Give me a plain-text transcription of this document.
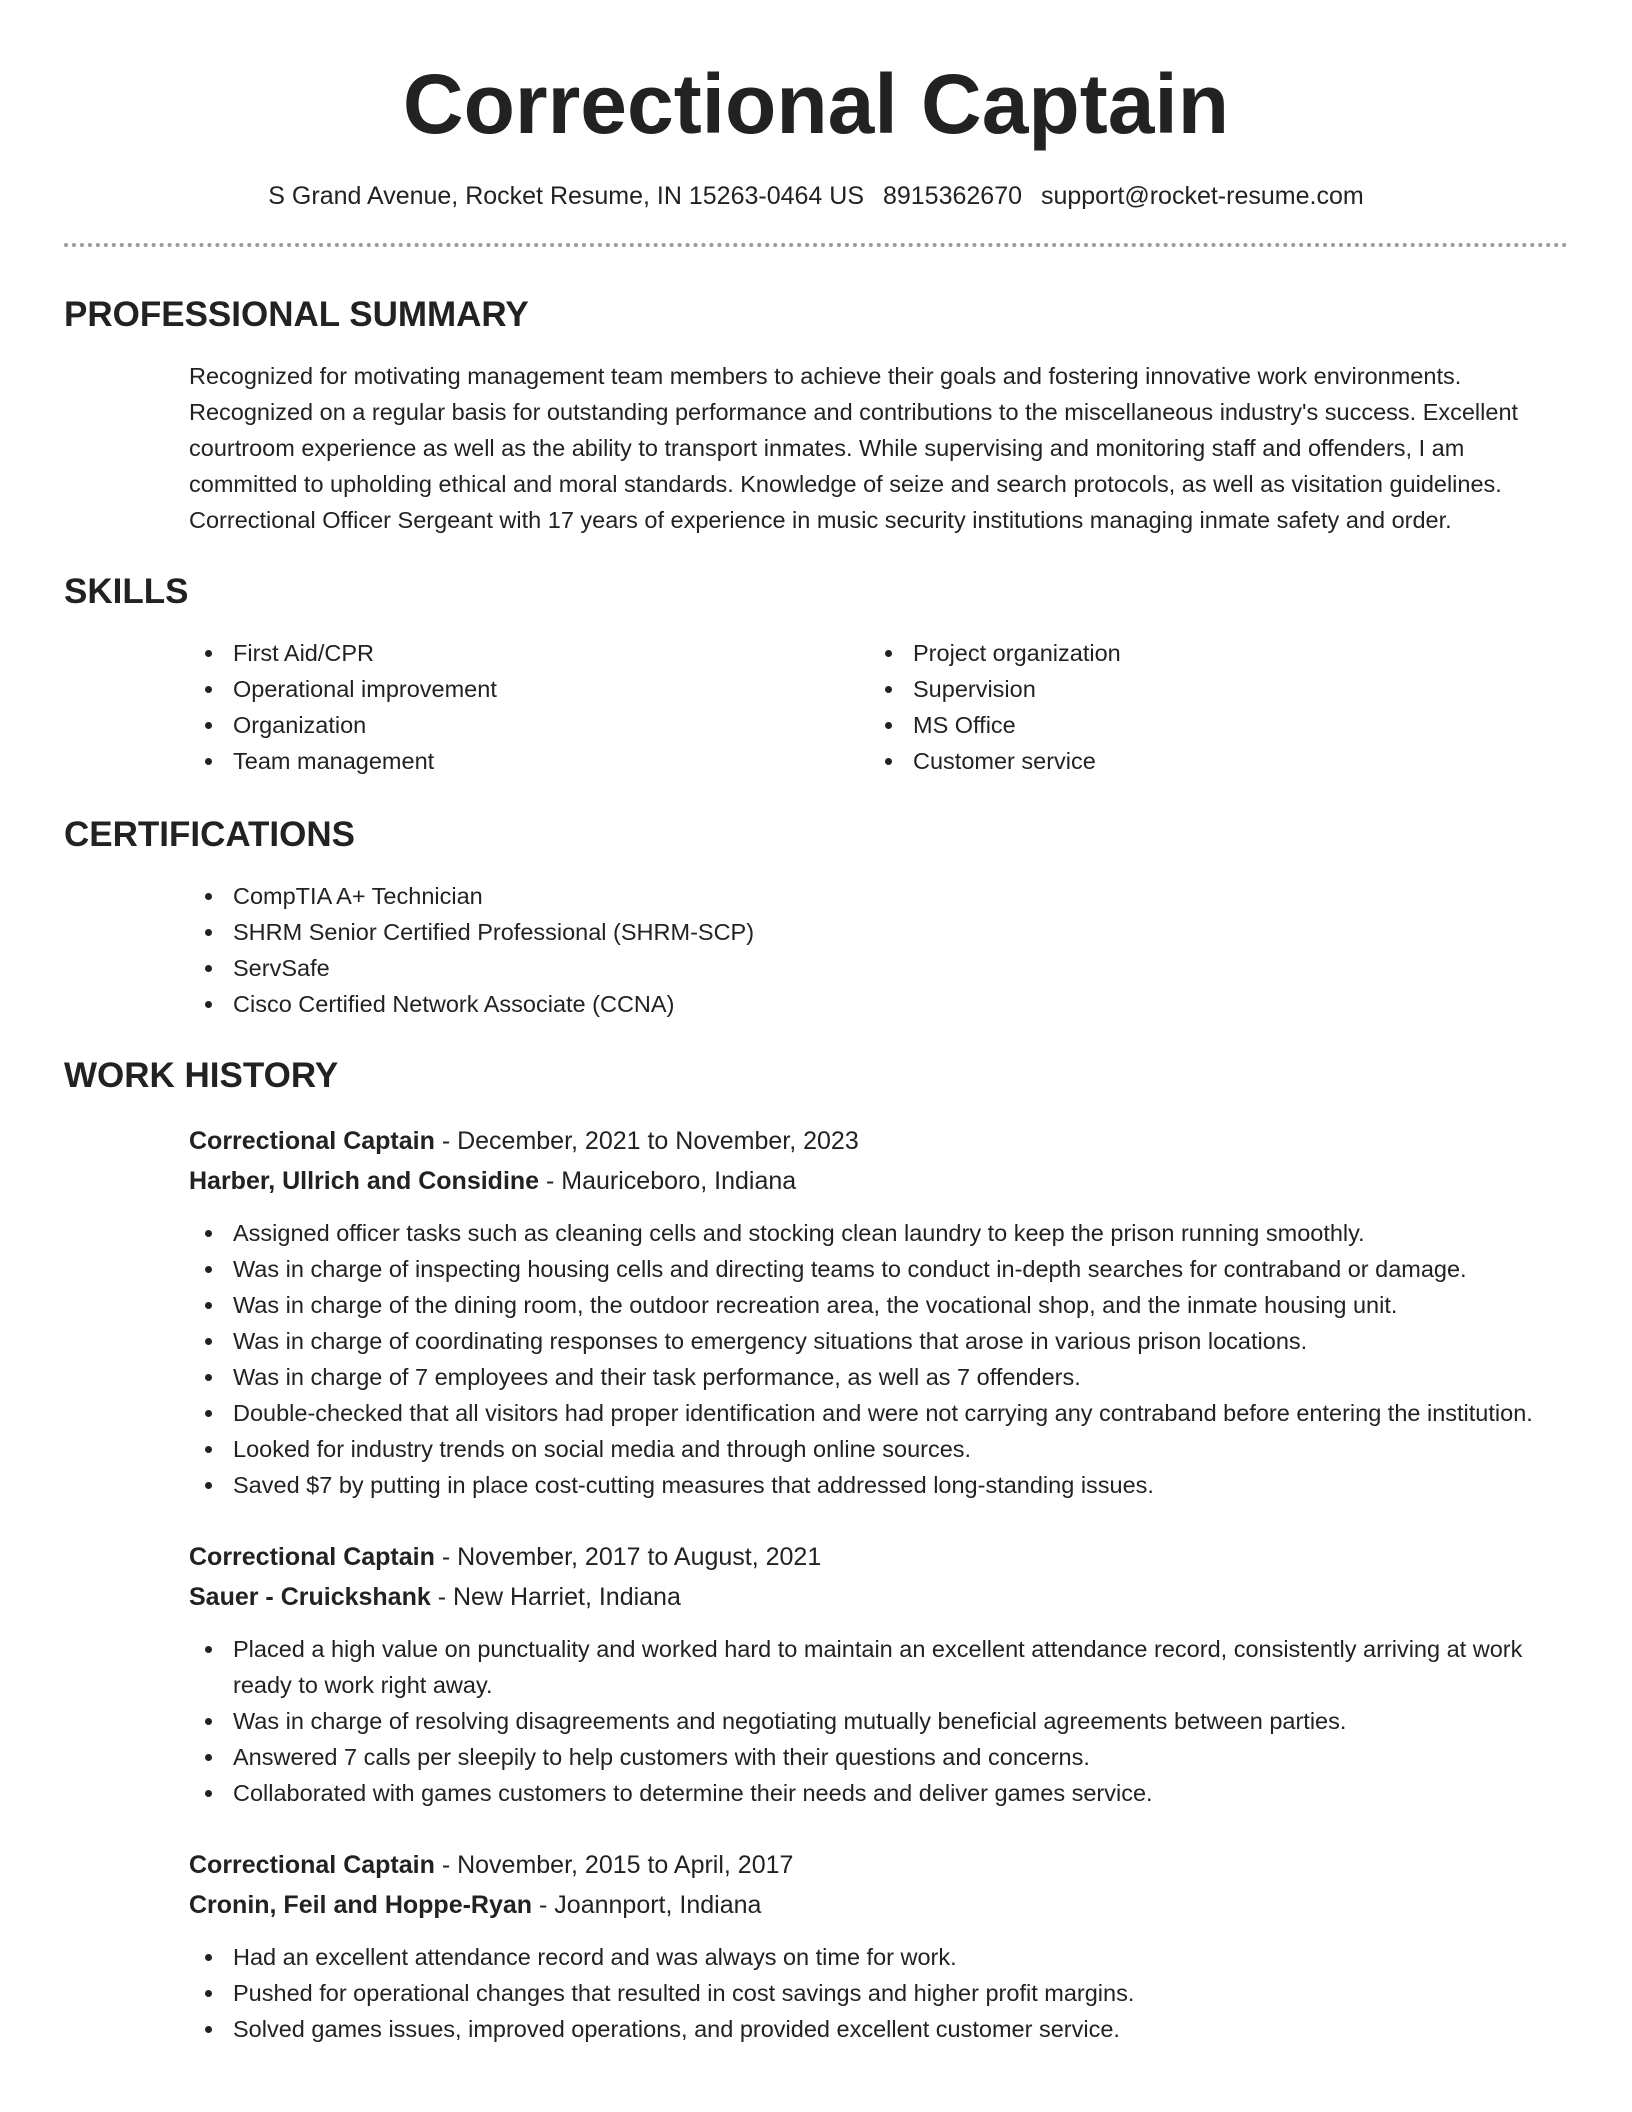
Correctional Captain
S Grand Avenue, Rocket Resume, IN 15263-0464 US 8915362670 support@rocket-resume.com
PROFESSIONAL SUMMARY

Recognized for motivating management team members to achieve their goals and fostering innovative work environments. Recognized on a regular basis for outstanding performance and contributions to the miscellaneous industry's success. Excellent courtroom experience as well as the ability to transport inmates. While supervising and monitoring staff and offenders, I am committed to upholding ethical and moral standards. Knowledge of seize and search protocols, as well as visitation guidelines. Correctional Officer Sergeant with 17 years of experience in music security institutions managing inmate safety and order.

SKILLS
First Aid/CPR
Operational improvement
Organization
Team management
Project organization
Supervision
MS Office
Customer service
CERTIFICATIONS
CompTIA A+ Technician
SHRM Senior Certified Professional (SHRM-SCP)
ServSafe
Cisco Certified Network Associate (CCNA)
WORK HISTORY
Correctional Captain - December, 2021 to November, 2023
Harber, Ullrich and Considine - Mauriceboro, Indiana
Assigned officer tasks such as cleaning cells and stocking clean laundry to keep the prison running smoothly.
Was in charge of inspecting housing cells and directing teams to conduct in-depth searches for contraband or damage.
Was in charge of the dining room, the outdoor recreation area, the vocational shop, and the inmate housing unit.
Was in charge of coordinating responses to emergency situations that arose in various prison locations.
Was in charge of 7 employees and their task performance, as well as 7 offenders.
Double-checked that all visitors had proper identification and were not carrying any contraband before entering the institution.
Looked for industry trends on social media and through online sources.
Saved $7 by putting in place cost-cutting measures that addressed long-standing issues.
Correctional Captain - November, 2017 to August, 2021
Sauer - Cruickshank - New Harriet, Indiana
Placed a high value on punctuality and worked hard to maintain an excellent attendance record, consistently arriving at work ready to work right away.
Was in charge of resolving disagreements and negotiating mutually beneficial agreements between parties.
Answered 7 calls per sleepily to help customers with their questions and concerns.
Collaborated with games customers to determine their needs and deliver games service.
Correctional Captain - November, 2015 to April, 2017
Cronin, Feil and Hoppe-Ryan - Joannport, Indiana
Had an excellent attendance record and was always on time for work.
Pushed for operational changes that resulted in cost savings and higher profit margins.
Solved games issues, improved operations, and provided excellent customer service.
